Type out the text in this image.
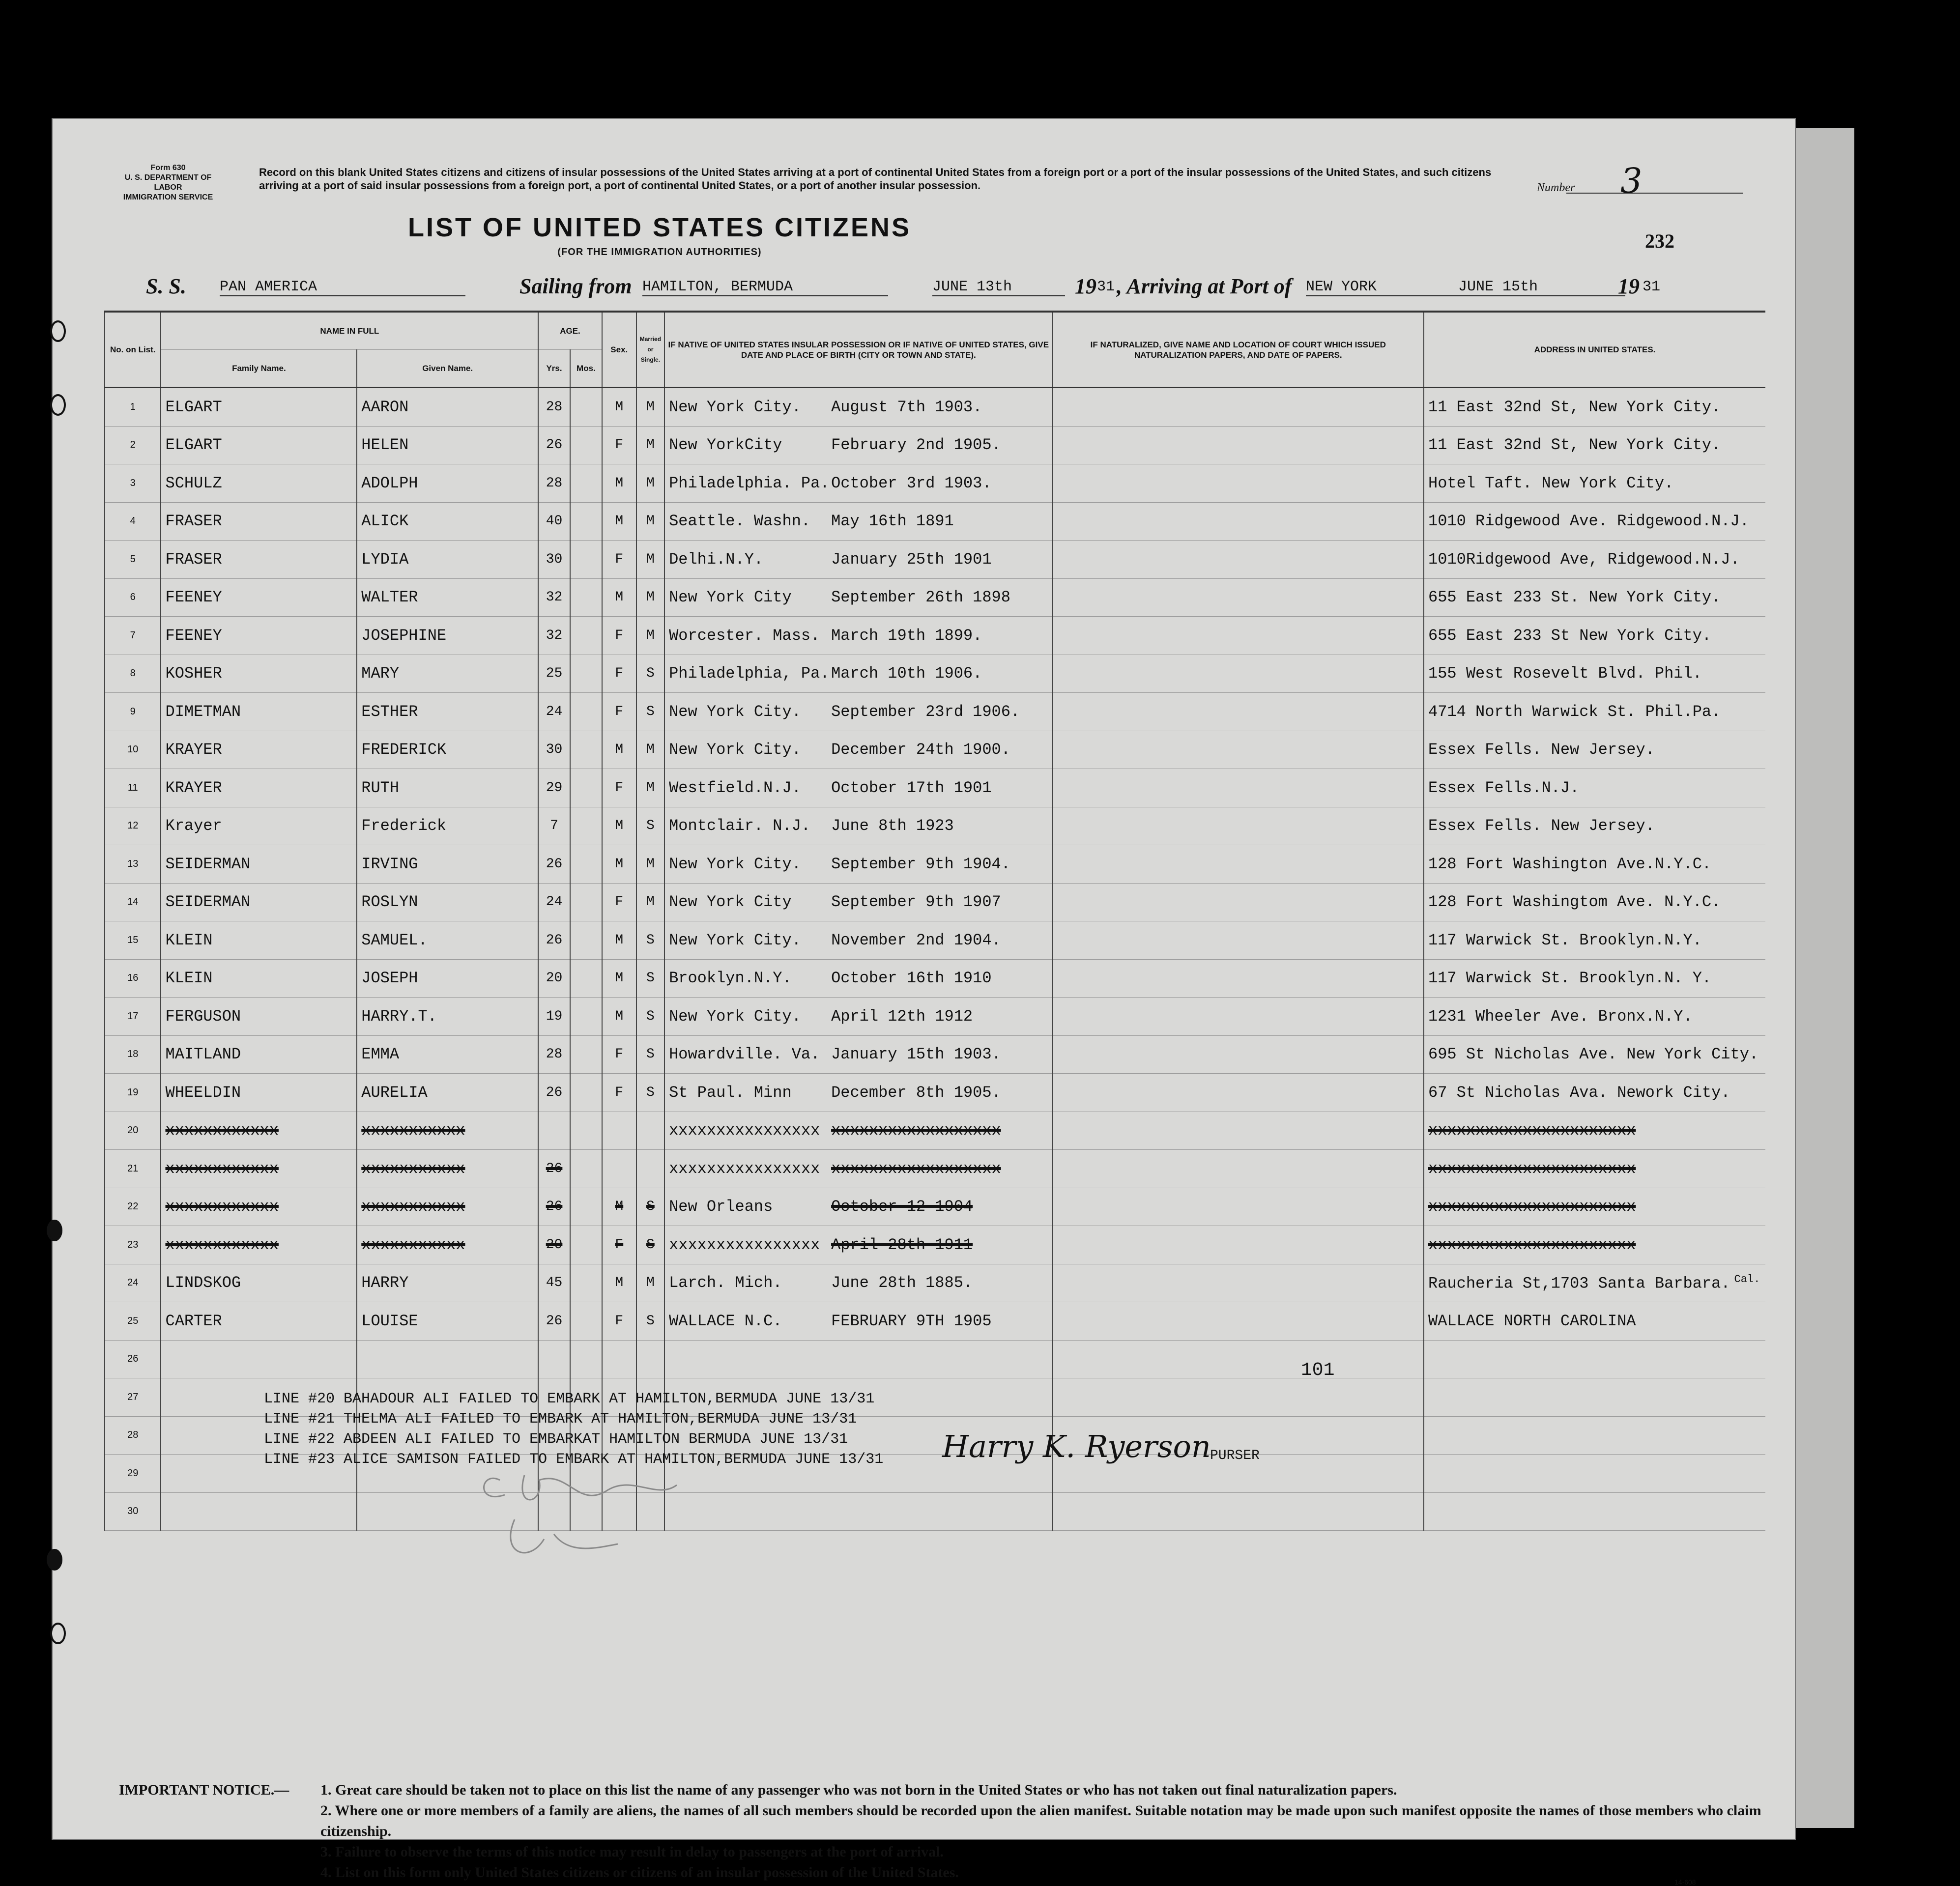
Form 630
U. S. DEPARTMENT OF LABOR
IMMIGRATION SERVICE
Record on this blank United States citizens and citizens of insular possessions of the United States arriving at a port of continental United States from a foreign port or a port of the insular possessions of the United States, and such citizens arriving at a port of said insular possessions from a foreign port, a port of continental United States, or a port of another insular possession.	Number 3
LIST OF UNITED STATES CITIZENS
(FOR THE IMMIGRATION AUTHORITIES)	232
S. S. PAN AMERICA	Sailing from HAMILTON, BERMUDA	JUNE 13th	19 31 , Arriving at Port of NEW YORK	JUNE 15th	19 31
No. on List.	NAME IN FULL		AGE.		Sex.	Married or Single.	IF NATIVE OF UNITED STATES INSULAR POSSESSION OR IF NATIVE OF UNITED STATES, GIVE DATE AND PLACE OF BIRTH (CITY OR TOWN AND STATE).	IF NATURALIZED, GIVE NAME AND LOCATION OF COURT WHICH ISSUED NATURALIZATION PAPERS, AND DATE OF PAPERS.	ADDRESS IN UNITED STATES.
	Family Name.	Given Name.	Yrs.	Mos.					
1	ELGART	AARON	28		M	M	New York City. August 7th 1903.		11 East 32nd St, New York City.
2	ELGART	HELEN	26		F	M	New YorkCity February 2nd 1905.		11 East 32nd St, New York City.
3	SCHULZ	ADOLPH	28		M	M	Philadelphia. Pa. October 3rd 1903.		Hotel Taft. New York City.
4	FRASER	ALICK	40		M	M	Seattle. Washn. May 16th 1891		1010 Ridgewood Ave. Ridgewood.N.J.
5	FRASER	LYDIA	30		F	M	Delhi.N.Y. January 25th 1901		1010Ridgewood Ave, Ridgewood.N.J.
6	FEENEY	WALTER	32		M	M	New York City September 26th 1898		655 East 233 St. New York City.
7	FEENEY	JOSEPHINE	32		F	M	Worcester. Mass. March 19th 1899.		655 East 233 St New York City.
8	KOSHER	MARY	25		F	S	Philadelphia, Pa. March 10th 1906.		155 West Rosevelt Blvd. Phil.
9	DIMETMAN	ESTHER	24		F	S	New York City. September 23rd 1906.		4714 North Warwick St. Phil.Pa.
10	KRAYER	FREDERICK	30		M	M	New York City. December 24th 1900.		Essex Fells. New Jersey.
11	KRAYER	RUTH	29		F	M	Westfield.N.J. October 17th 1901		Essex Fells.N.J.
12	Krayer	Frederick	7		M	S	Montclair. N.J. June 8th 1923		Essex Fells. New Jersey.
13	SEIDERMAN	IRVING	26		M	M	New York City. September 9th 1904.		128 Fort Washington Ave.N.Y.C.
14	SEIDERMAN	ROSLYN	24		F	M	New York City September 9th 1907		128 Fort Washingtom Ave. N.Y.C.
15	KLEIN	SAMUEL.	26		M	S	New York City. November 2nd 1904.		117 Warwick St. Brooklyn.N.Y.
16	KLEIN	JOSEPH	20		M	S	Brooklyn.N.Y. October 16th 1910		117 Warwick St. Brooklyn.N. Y.
17	FERGUSON	HARRY.T.	19		M	S	New York City. April 12th 1912		1231 Wheeler Ave. Bronx.N.Y.
18	MAITLAND	EMMA	28		F	S	Howardville. Va. January 15th 1903.		695 St Nicholas Ave. New York City.
19	WHEELDIN	AURELIA	26		F	S	St Paul. Minn December 8th 1905.		67 St Nicholas Ava. Nework City.
20	xxxxxxxxxxxx	xxxxxxxxxxx					xxxxxxxxxxxxxxxx xxxxxxxxxxxxxxxxxx		xxxxxxxxxxxxxxxxxxxxxx
21	xxxxxxxxxxxx	xxxxxxxxxxx	26				xxxxxxxxxxxxxxxx xxxxxxxxxxxxxxxxxx		xxxxxxxxxxxxxxxxxxxxxx
22	xxxxxxxxxxxx	xxxxxxxxxxx	26		M	S	New Orleans October 12 1904		xxxxxxxxxxxxxxxxxxxxxx
23	xxxxxxxxxxxx	xxxxxxxxxxx	20		F	S	xxxxxxxxxxxxxxxx April 28th 1911		xxxxxxxxxxxxxxxxxxxxxx
24	LINDSKOG	HARRY	45		M	M	Larch. Mich. June 28th 1885.		Raucheria St,1703 Santa Barbara. $^{Cal.}$
25	CARTER	LOUISE	26		F	S	WALLACE N.C. FEBRUARY 9TH 1905		WALLACE NORTH CAROLINA
26									
27									
28									
29									
30									
LINE #20 BAHADOUR ALI FAILED TO EMBARK AT HAMILTON,BERMUDA JUNE 13/31
LINE #21 THELMA ALI FAILED TO EMBARK AT HAMILTON,BERMUDA JUNE 13/31
LINE #22 ABDEEN ALI FAILED TO EMBARKAT HAMILTON BERMUDA JUNE 13/31
LINE #23 ALICE SAMISON FAILED TO EMBARK AT HAMILTON,BERMUDA JUNE 13/31 Harry K. Ryerson
PURSER
101
IMPORTANT NOTICE.— 1. Great care should be taken not to place on this list the name of any passenger who was not born in the United States or who has not taken out final naturalization papers.
2. Where one or more members of a family are aliens, the names of all such members should be recorded upon the alien manifest. Suitable notation may be made upon such manifest opposite the names of those members who claim citizenship.
3. Failure to observe the terms of this notice may result in delay to passengers at the port of arrival.
4. List on this form only United States citizens or citizens of an insular possession of the United States.
14-608
